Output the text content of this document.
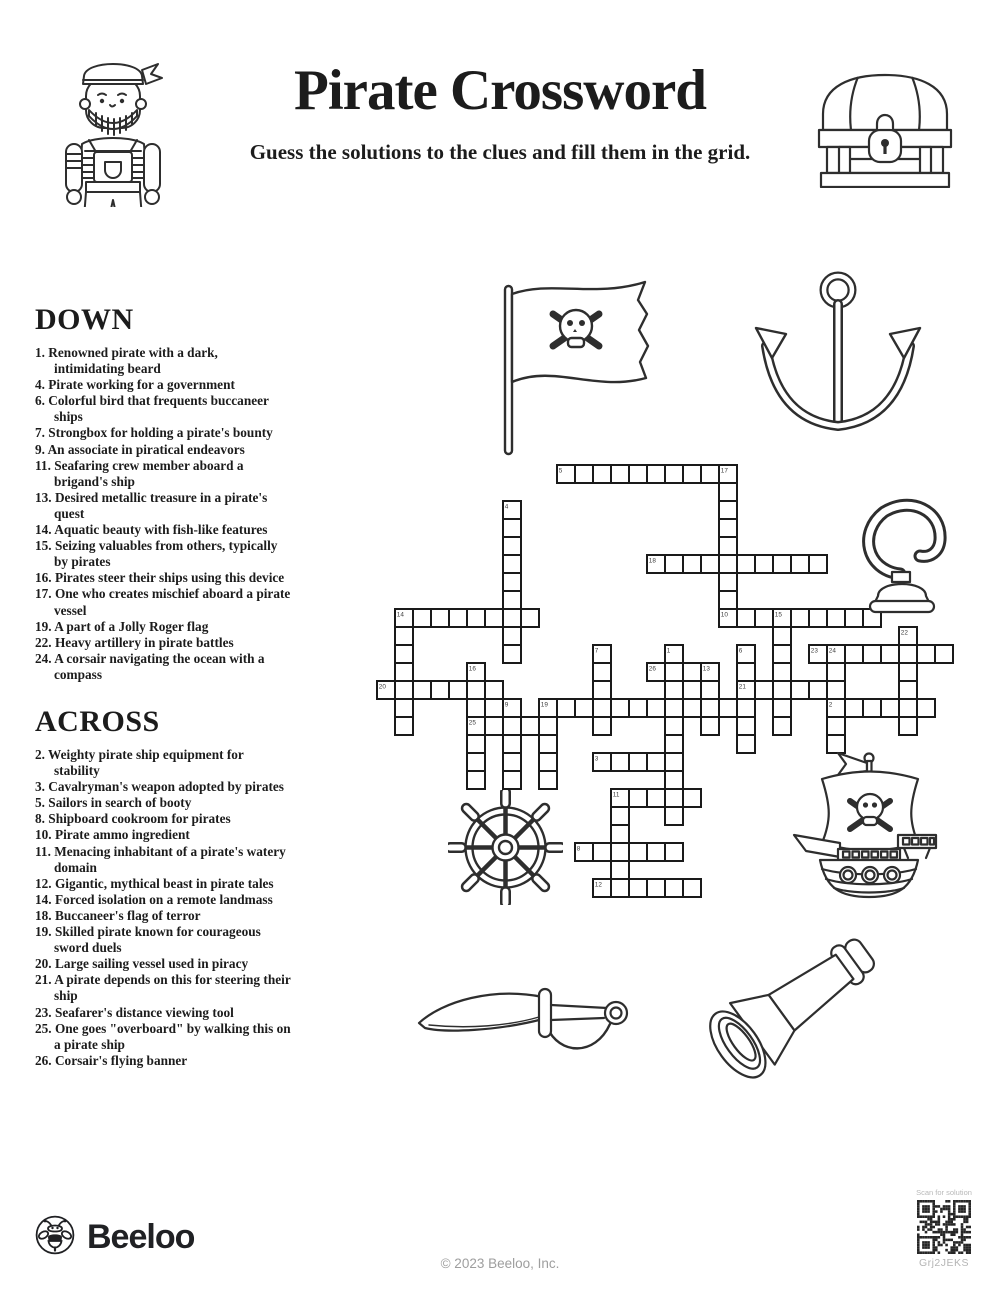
Pirate Crossword
Guess the solutions to the clues and fill them in the grid.
DOWN
1. Renowned pirate with a dark, intimidating beard
4. Pirate working for a government
6. Colorful bird that frequents buccaneer ships
7. Strongbox for holding a pirate's bounty
9. An associate in piratical endeavors
11. Seafaring crew member aboard a brigand's ship
13. Desired metallic treasure in a pirate's quest
14. Aquatic beauty with fish-like features
15. Seizing valuables from others, typically by pirates
16. Pirates steer their ships using this device
17. One who creates mischief aboard a pirate vessel
19. A part of a Jolly Roger flag
22. Heavy artillery in pirate battles
24. A corsair navigating the ocean with a compass
ACROSS
2. Weighty pirate ship equipment for stability
3. Cavalryman's weapon adopted by pirates
5. Sailors in search of booty
8. Shipboard cookroom for pirates
10. Pirate ammo ingredient
11. Menacing inhabitant of a pirate's watery domain
12. Gigantic, mythical beast in pirate tales
14. Forced isolation on a remote landmass
18. Buccaneer's flag of terror
19. Skilled pirate known for courageous sword duels
20. Large sailing vessel used in piracy
21. A pirate depends on this for steering their ship
23. Seafarer's distance viewing tool
25. One goes "overboard" by walking this on a pirate ship
26. Corsair's flying banner
5	17
10
4
18
14	15
22
1	6
21
7	23 24
2
16
25
26	13
20
19
9
3
11
8
12
Beeloo
© 2023 Beeloo, Inc.
Scan for solution
Grj2JEKS
